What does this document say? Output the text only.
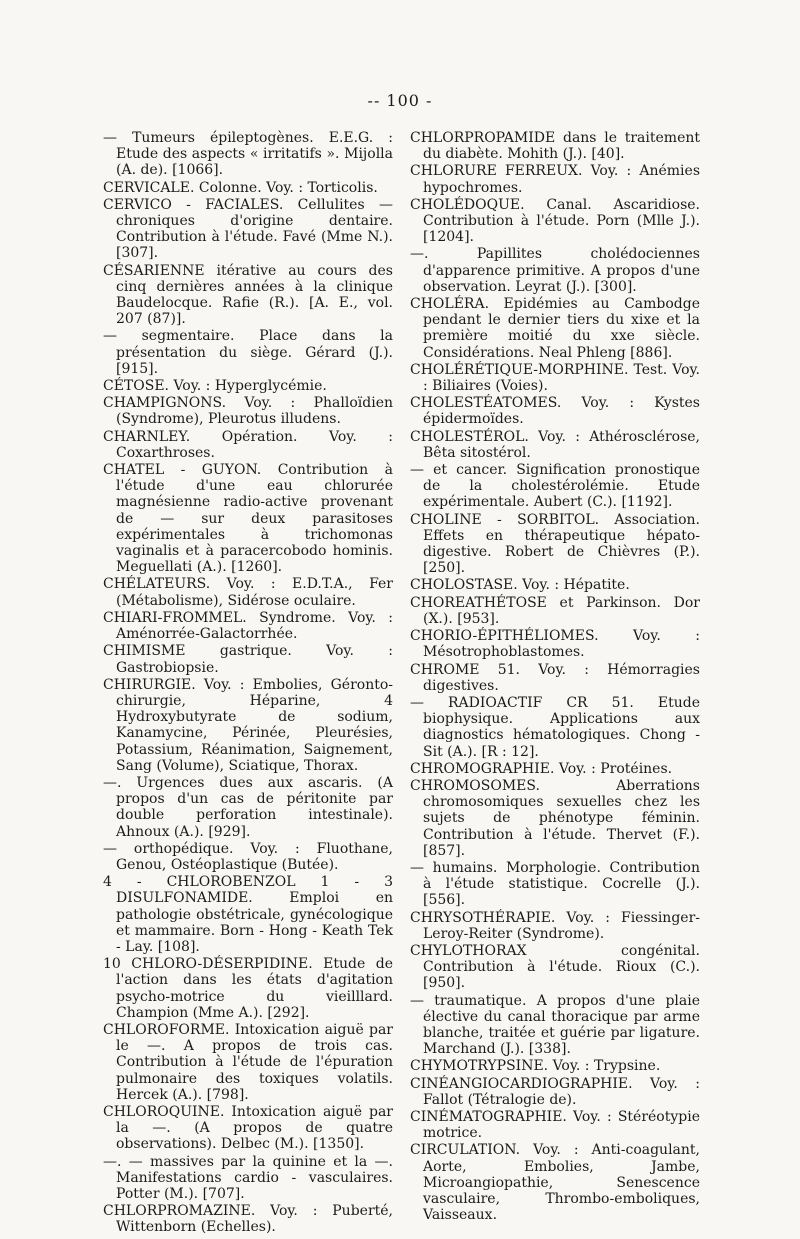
-- 100 -

— Tumeurs épileptogènes. E.E.G. : Etude des aspects « irritatifs ». Mijolla (A. de). [1066].

CERVICALE. Colonne. Voy. : Torticolis.

CERVICO - FACIALES. Cellulites — chroniques d'origine dentaire. Contribution à l'étude. Favé (Mme N.). [307].

CÉSARIENNE itérative au cours des cinq dernières années à la clinique Baudelocque. Rafie (R.). [A. E., vol. 207 (87)].

— segmentaire. Place dans la présentation du siège. Gérard (J.). [915].

CÉTOSE. Voy. : Hyperglycémie.

CHAMPIGNONS. Voy. : Phalloïdien (Syndrome), Pleurotus illudens.

CHARNLEY. Opération. Voy. : Coxarthroses.

CHATEL - GUYON. Contribution à l'étude d'une eau chlorurée magnésienne radio-active provenant de — sur deux parasitoses expérimentales à trichomonas vaginalis et à paracercobodo hominis. Meguellati (A.). [1260].

CHÉLATEURS. Voy. : E.D.T.A., Fer (Métabolisme), Sidérose oculaire.

CHIARI-FROMMEL. Syndrome. Voy. : Aménorrée-Galactorrhée.

CHIMISME gastrique. Voy. : Gastrobiopsie.

CHIRURGIE. Voy. : Embolies, Géronto-chirurgie, Héparine, 4 Hydroxybutyrate de sodium, Kanamycine, Périnée, Pleurésies, Potassium, Réanimation, Saignement, Sang (Volume), Sciatique, Thorax.

—. Urgences dues aux ascaris. (A propos d'un cas de péritonite par double perforation intestinale). Ahnoux (A.). [929].

— orthopédique. Voy. : Fluothane, Genou, Ostéoplastique (Butée).

4 - CHLOROBENZOL 1 - 3 DISULFONAMIDE. Emploi en pathologie obstétricale, gynécologique et mammaire. Born - Hong - Keath Tek - Lay. [108].

10 CHLORO-DÉSERPIDINE. Etude de l'action dans les états d'agitation psycho-motrice du vieilllard. Champion (Mme A.). [292].

CHLOROFORME. Intoxication aiguë par le —. A propos de trois cas. Contribution à l'étude de l'épuration pulmonaire des toxiques volatils. Hercek (A.). [798].

CHLOROQUINE. Intoxication aiguë par la —. (A propos de quatre observations). Delbec (M.). [1350].

—. — massives par la quinine et la —. Manifestations cardio - vasculaires. Potter (M.). [707].

CHLORPROMAZINE. Voy. : Puberté, Wittenborn (Echelles).

CHLORPROPAMIDE dans le traitement du diabète. Mohith (J.). [40].

CHLORURE FERREUX. Voy. : Anémies hypochromes.

CHOLÉDOQUE. Canal. Ascaridiose. Contribution à l'étude. Porn (Mlle J.). [1204].

—. Papillites cholédociennes d'apparence primitive. A propos d'une observation. Leyrat (J.). [300].

CHOLÉRA. Epidémies au Cambodge pendant le dernier tiers du xixe et la première moitié du xxe siècle. Considérations. Neal Phleng [886].

CHOLÉRÉTIQUE-MORPHINE. Test. Voy. : Biliaires (Voies).

CHOLESTÉATOMES. Voy. : Kystes épidermoïdes.

CHOLESTÉROL. Voy. : Athérosclérose, Bêta sitostérol.

— et cancer. Signification pronostique de la cholestérolémie. Etude expérimentale. Aubert (C.). [1192].

CHOLINE - SORBITOL. Association. Effets en thérapeutique hépato-digestive. Robert de Chièvres (P.). [250].

CHOLOSTASE. Voy. : Hépatite.

CHOREATHÉTOSE et Parkinson. Dor (X.). [953].

CHORIO-ÉPITHÉLIOMES. Voy. : Mésotrophoblastomes.

CHROME 51. Voy. : Hémorragies digestives.

— RADIOACTIF CR 51. Etude biophysique. Applications aux diagnostics hématologiques. Chong - Sit (A.). [R : 12].

CHROMOGRAPHIE. Voy. : Protéines.

CHROMOSOMES. Aberrations chromosomiques sexuelles chez les sujets de phénotype féminin. Contribution à l'étude. Thervet (F.). [857].

— humains. Morphologie. Contribution à l'étude statistique. Cocrelle (J.). [556].

CHRYSOTHÉRAPIE. Voy. : Fiessinger-Leroy-Reiter (Syndrome).

CHYLOTHORAX congénital. Contribution à l'étude. Rioux (C.). [950].

— traumatique. A propos d'une plaie élective du canal thoracique par arme blanche, traitée et guérie par ligature. Marchand (J.). [338].

CHYMOTRYPSINE. Voy. : Trypsine.

CINÉANGIOCARDIOGRAPHIE. Voy. : Fallot (Tétralogie de).

CINÉMATOGRAPHIE. Voy. : Stéréotypie motrice.

CIRCULATION. Voy. : Anti-coagulant, Aorte, Embolies, Jambe, Microangiopathie, Senescence vasculaire, Thrombo-emboliques, Vaisseaux.
